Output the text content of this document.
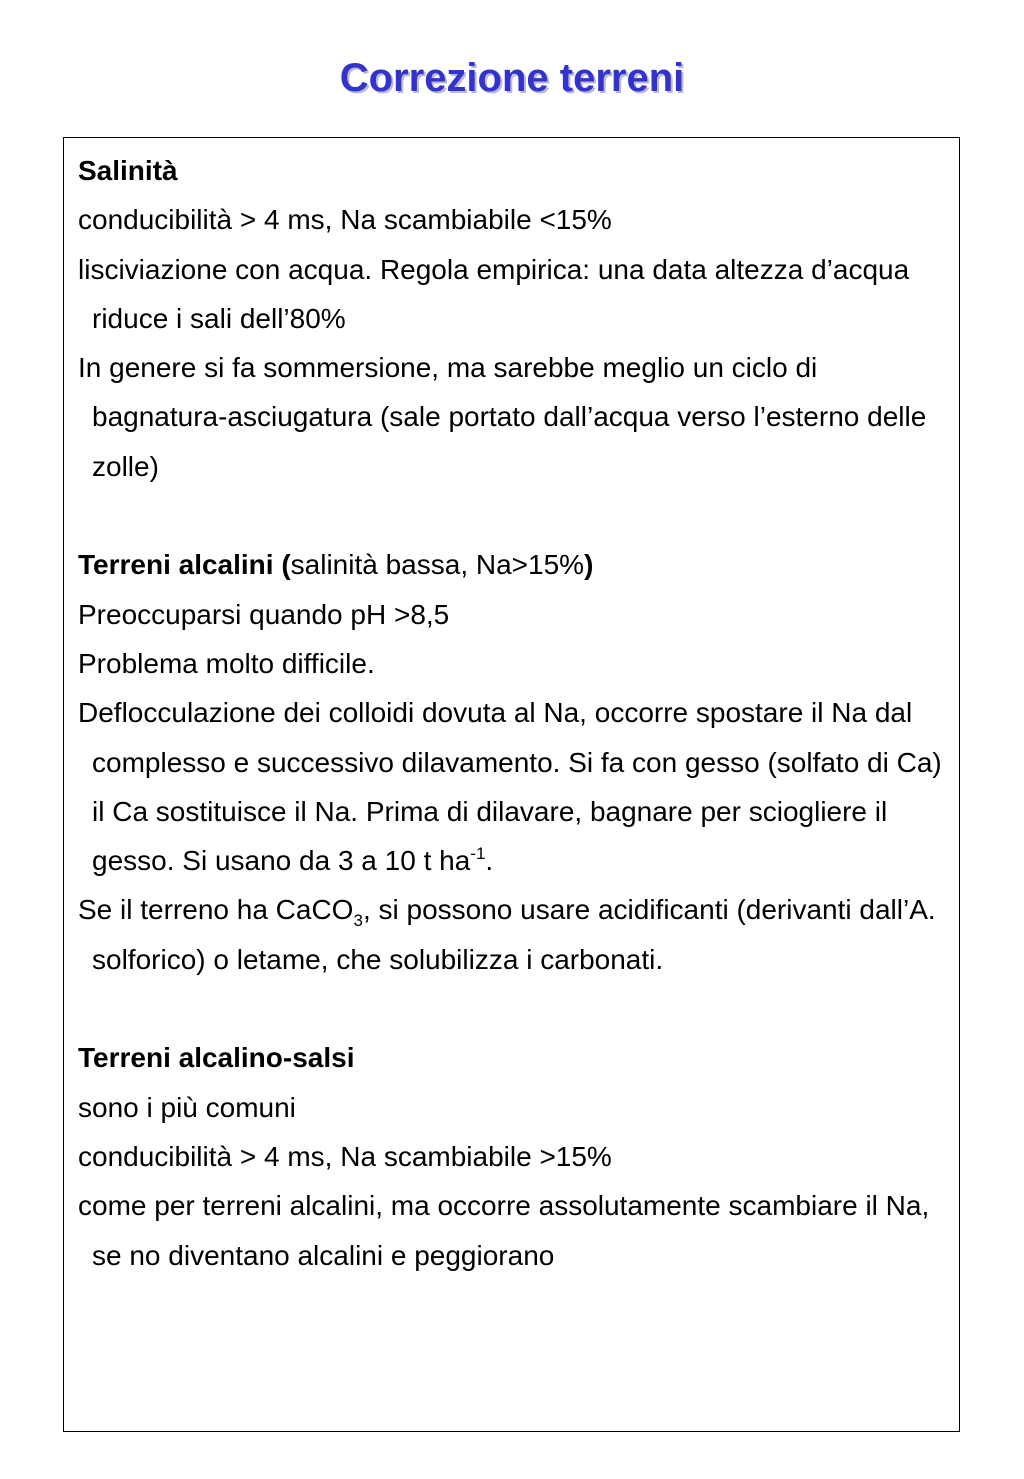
Correzione terreni

Salinità

conducibilità > 4 ms, Na scambiabile <15%

lisciviazione con acqua. Regola empirica: una data altezza d’acqua riduce i sali dell’80%

In genere si fa sommersione, ma sarebbe meglio un ciclo di bagnatura-asciugatura (sale portato dall’acqua verso l’esterno delle zolle)

Terreni alcalini (salinità bassa, Na>15%)

Preoccuparsi quando pH >8,5

Problema molto difficile.

Deflocculazione dei colloidi dovuta al Na, occorre spostare il Na dal complesso e successivo dilavamento. Si fa con gesso (solfato di Ca) il Ca sostituisce il Na. Prima di dilavare, bagnare per sciogliere il gesso. Si usano da 3 a 10 t $ha^{-1}$.

Se il terreno ha CaCO$_3$, si possono usare acidificanti (derivanti dall’A. solforico) o letame, che solubilizza i carbonati.

Terreni alcalino-salsi

sono i più comuni

conducibilità > 4 ms, Na scambiabile >15%

come per terreni alcalini, ma occorre assolutamente scambiare il Na, se no diventano alcalini e peggiorano
